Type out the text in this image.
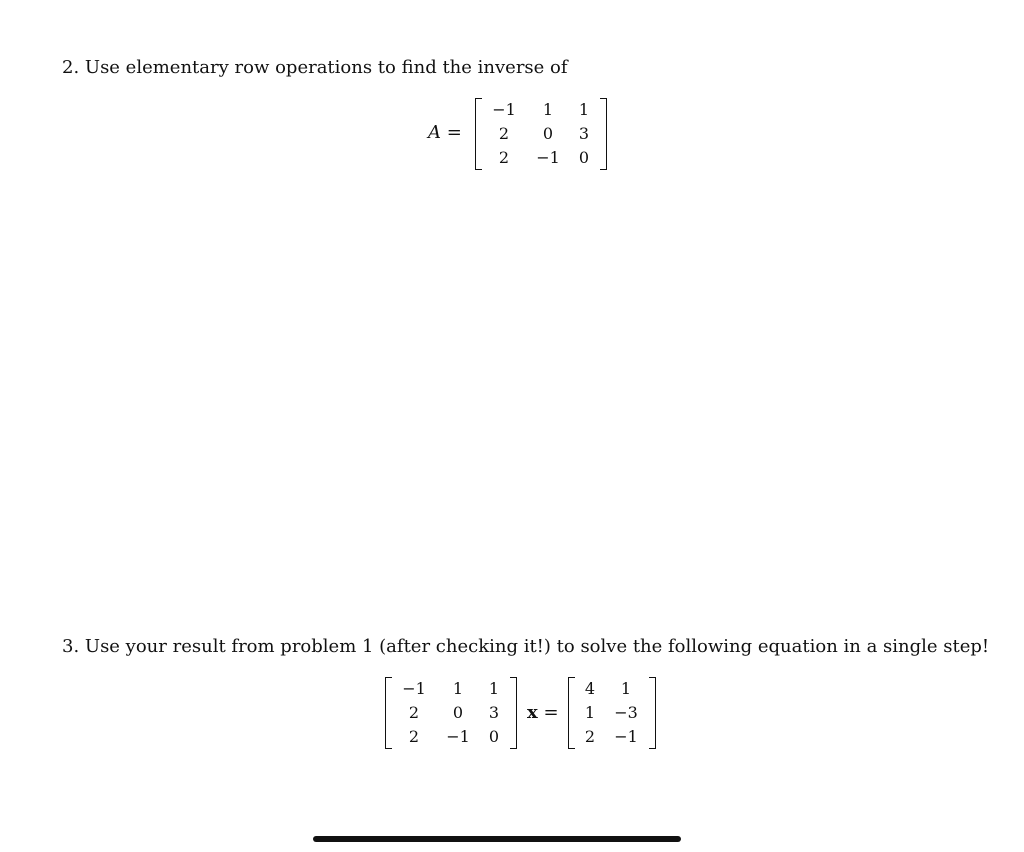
2. Use elementary row operations to find the inverse of
A =
−1	1	1
2	0	3
2	−1	0
3. Use your result from problem 1 (after checking it!) to solve the following equation in a single step!
−1	1	1
2	0	3
2	−1	0
x =
4	1
1	−3
2	−1
